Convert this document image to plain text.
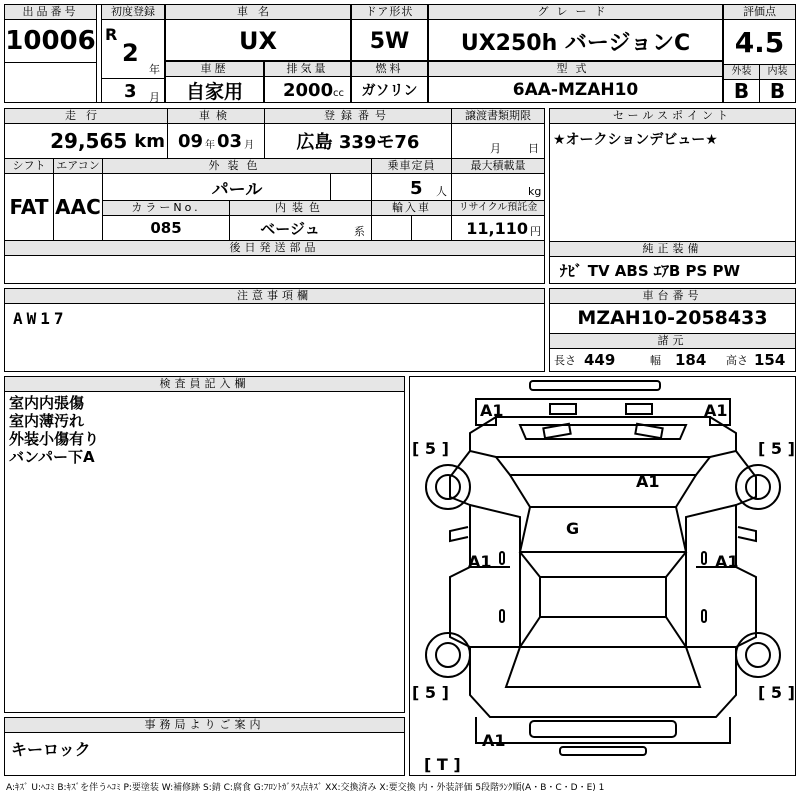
出品番号
10006
初度登録
R
2
年
3 月
車名
UX
ドア形状
5W
グレード
UX250h バージョンC
評価点
4.5
外装	内装
B	B
車歴
自家用
排気量
2000 cc
燃料
ガソリン
型式
6AA-MZAH10
走行
29,565
km
車検
09 年 03 月
登録番号
広島 339モ76
譲渡書類期限
月 日
シフト エアコン
FAT AAC
外装色
パール
乗車定員
5 人
最大積載量
kg
カラーNo.
085
内装色
ベージュ	系
輸入車	リサイクル預託金
11,110 円
後日発送部品
セールスポイント
★オークションデビュー★
純正装備
ﾅﾋﾞ TV ABS ｴｱB PS PW
注意事項欄
AW17
車台番号
MZAH10-2058433
諸元
長さ 449	幅 184 高さ 154
検査員記入欄
室内内張傷
室内薄汚れ
外装小傷有り
バンパー下A
事務局よりご案内
キーロック
A1	A1
[ 5 ]	[ 5 ]
A1
G
A1	A1
[ 5 ]	[ 5 ]
A1
[ T ]
A:ｷｽﾞ U:ﾍｺﾐ B:ｷｽﾞを伴うﾍｺﾐ P:要塗装 W:補修跡 S:錆 C:腐食 G:ﾌﾛﾝﾄｶﾞﾗｽ点ｷｽﾞ XX:交換済み X:要交換 内・外装評価 5段階ﾗﾝｸ順(A・B・C・D・E) 1
